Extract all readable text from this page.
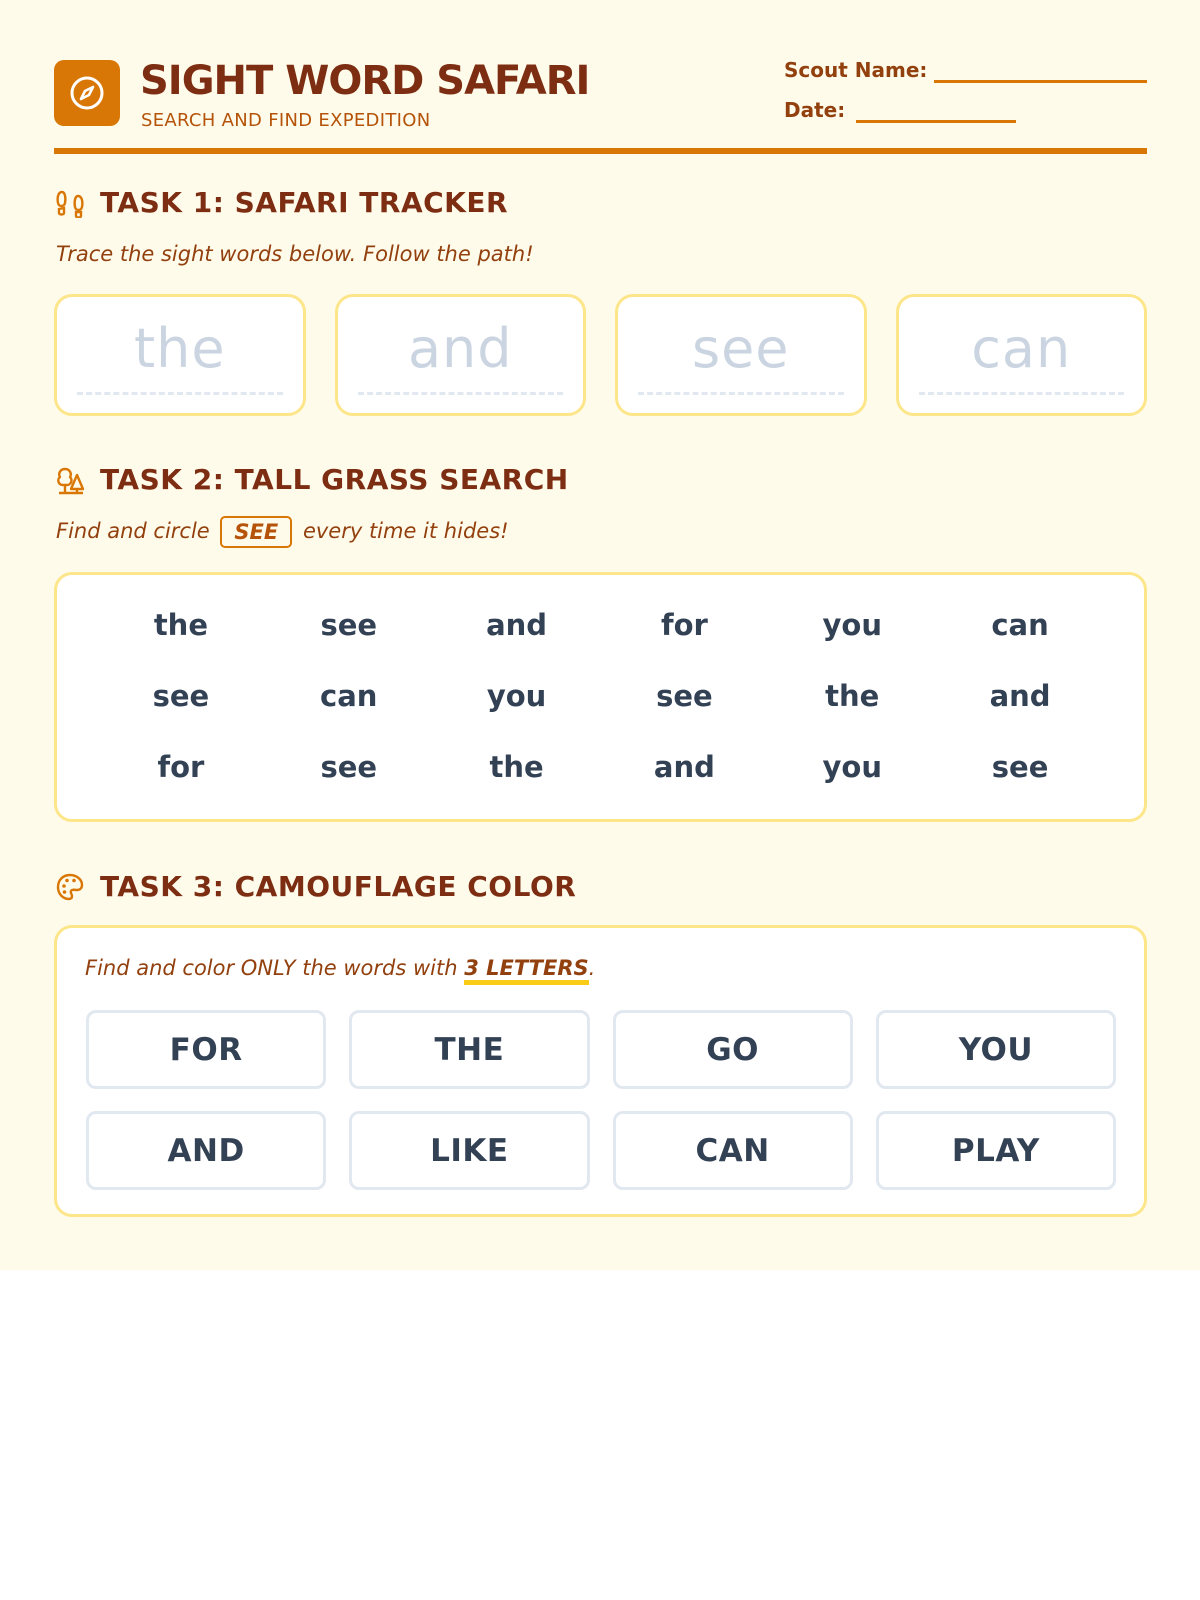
SIGHT WORD SAFARI
SEARCH AND FIND EXPEDITION
Scout Name:
Date:
TASK 1: SAFARI TRACKER
Trace the sight words below. Follow the path!
the	and	see	can
TASK 2: TALL GRASS SEARCH
Find and circle SEE every time it hides!
the	see	and	for	you	can
see	can	you	see	the	and
for	see	the	and	you	see
TASK 3: CAMOUFLAGE COLOR
Find and color ONLY the words with 3 LETTERS.
FOR	THE	GO	YOU
AND	LIKE	CAN	PLAY
